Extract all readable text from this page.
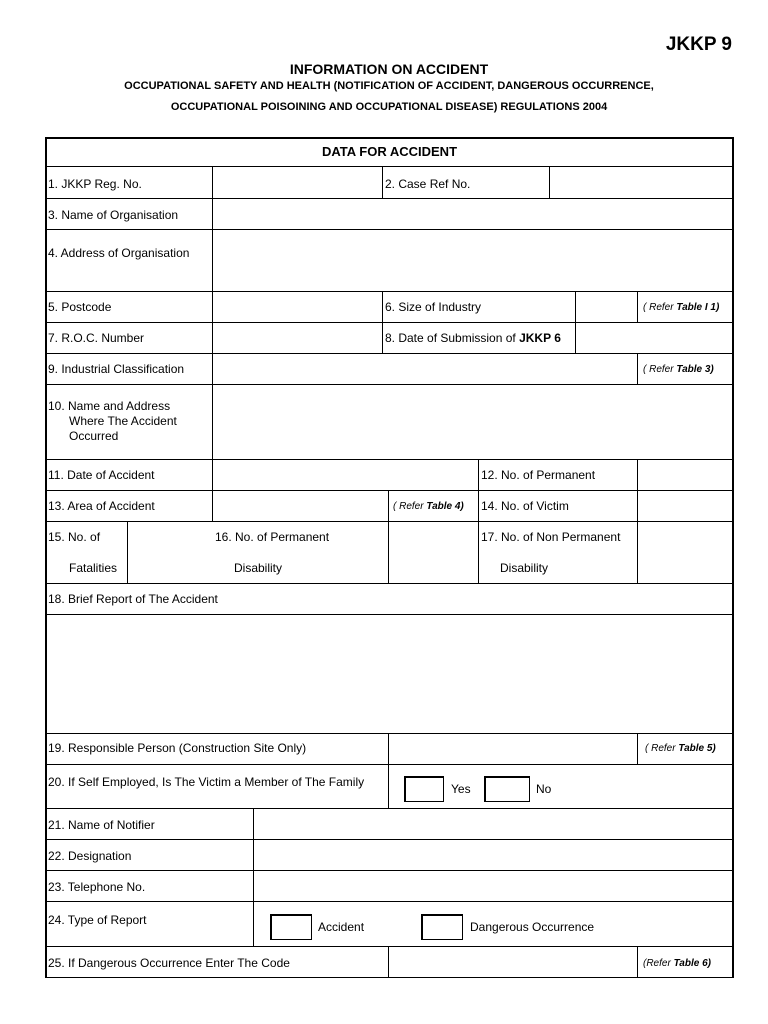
JKKP 9
INFORMATION ON ACCIDENT
OCCUPATIONAL SAFETY AND HEALTH (NOTIFICATION OF ACCIDENT, DANGEROUS OCCURRENCE,
OCCUPATIONAL POISOINING AND OCCUPATIONAL DISEASE) REGULATIONS 2004
DATA FOR ACCIDENT
1. JKKP Reg. No.	2. Case Ref No.
3. Name of Organisation
4. Address of Organisation
5. Postcode	6. Size of Industry	( Refer Table I 1)
7. R.O.C. Number	8. Date of Submission of JKKP 6
9. Industrial Classification	( Refer Table 3)
10. Name and Address
Where The Accident
Occurred
11. Date of Accident	12. No. of Permanent
13. Area of Accident	( Refer Table 4) 14. No. of Victim
15. No. of
Fatalities
16. No. of Permanent
Disability
17. No. of Non Permanent
Disability
18. Brief Report of The Accident
19. Responsible Person (Construction Site Only)	( Refer Table 5)
20. If Self Employed, Is The Victim a Member of The Family	Yes	No
21. Name of Notifier
22. Designation
23. Telephone No.
24. Type of Report	Accident	Dangerous Occurrence
25. If Dangerous Occurrence Enter The Code	(Refer Table 6)
